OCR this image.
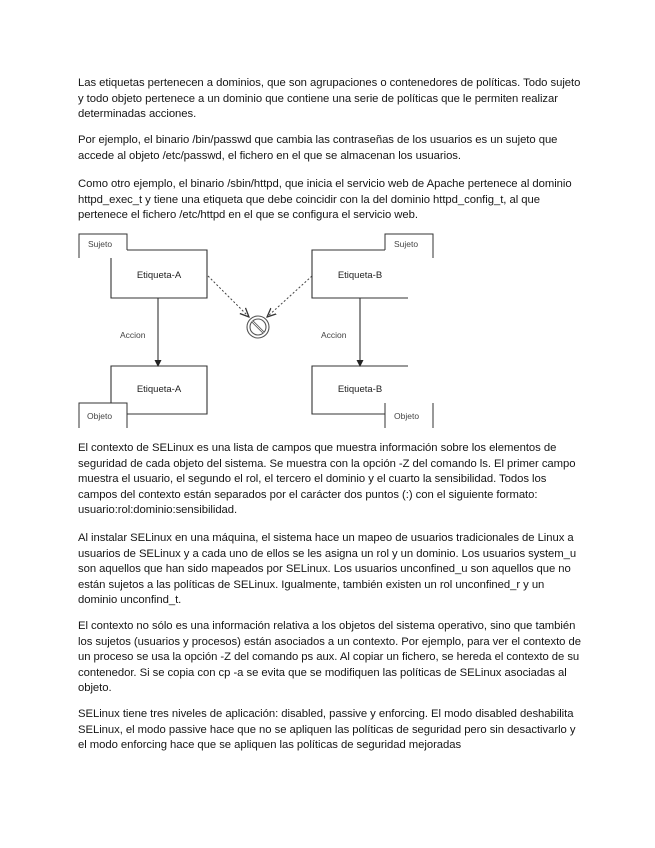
Las etiquetas pertenecen a dominios, que son agrupaciones o contenedores de políticas. Todo sujeto y todo objeto pertenece a un dominio que contiene una serie de políticas que le permiten realizar determinadas acciones.

Por ejemplo, el binario /bin/passwd que cambia las contraseñas de los usuarios es un sujeto que accede al objeto /etc/passwd, el fichero en el que se almacenan los usuarios.

Como otro ejemplo, el binario /sbin/httpd, que inicia el servicio web de Apache pertenece al dominio httpd_exec_t y tiene una etiqueta que debe coincidir con la del dominio httpd_config_t, al que pertenece el fichero /etc/httpd en el que se configura el servicio web.

Sujeto
Etiqueta-A
Accion
Etiqueta-A
Objeto
Etiqueta-B
Sujeto
Accion
Etiqueta-B
Objeto

El contexto de SELinux es una lista de campos que muestra información sobre los elementos de seguridad de cada objeto del sistema. Se muestra con la opción -Z del comando ls. El primer campo muestra el usuario, el segundo el rol, el tercero el dominio y el cuarto la sensibilidad. Todos los campos del contexto están separados por el carácter dos puntos (:) con el siguiente formato: usuario:rol:dominio:sensibilidad.

Al instalar SELinux en una máquina, el sistema hace un mapeo de usuarios tradicionales de Linux a usuarios de SELinux y a cada uno de ellos se les asigna un rol y un dominio. Los usuarios system_u son aquellos que han sido mapeados por SELinux. Los usuarios unconfined_u son aquellos que no están sujetos a las políticas de SELinux. Igualmente, también existen un rol unconfined_r y un dominio unconfind_t.

El contexto no sólo es una información relativa a los objetos del sistema operativo, sino que también los sujetos (usuarios y procesos) están asociados a un contexto. Por ejemplo, para ver el contexto de un proceso se usa la opción -Z del comando ps aux. Al copiar un fichero, se hereda el contexto de su contenedor. Si se copia con cp -a se evita que se modifiquen las políticas de SELinux asociadas al objeto.

SELinux tiene tres niveles de aplicación: disabled, passive y enforcing. El modo disabled deshabilita SELinux, el modo passive hace que no se apliquen las políticas de seguridad pero sin desactivarlo y el modo enforcing hace que se apliquen las políticas de seguridad mejoradas
